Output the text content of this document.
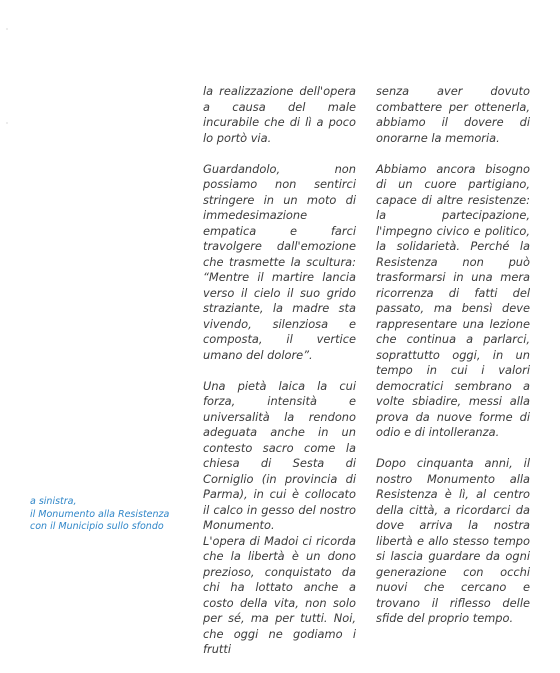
a sinistra,
il Monumento alla Resistenza
con il Municipio sullo sfondo

la realizzazione dell'opera a causa del male incurabile che di lì a poco lo portò via.

Guardandolo, non possiamo non sentirci stringere in un moto di immedesimazione empatica e farci travolgere dall'emozione che trasmette la scultura: “Mentre il martire lancia verso il cielo il suo grido straziante, la madre sta vivendo, silenziosa e composta, il vertice umano del dolore”.

Una pietà laica la cui forza, intensità e universalità la rendono adeguata anche in un contesto sacro come la chiesa di Sesta di Corniglio (in provincia di Parma), in cui è collocato il calco in gesso del nostro Monumento.

L'opera di Madoi ci ricorda che la libertà è un dono prezioso, conquistato da chi ha lottato anche a costo della vita, non solo per sé, ma per tutti. Noi, che oggi ne godiamo i frutti

senza aver dovuto combattere per ottenerla, abbiamo il dovere di onorarne la memoria.

Abbiamo ancora bisogno di un cuore partigiano, capace di altre resistenze: la partecipazione, l'impegno civico e politico, la solidarietà. Perché la Resistenza non può trasformarsi in una mera ricorrenza di fatti del passato, ma bensì deve rappresentare una lezione che continua a parlarci, soprattutto oggi, in un tempo in cui i valori democratici sembrano a volte sbiadire, messi alla prova da nuove forme di odio e di intolleranza.

Dopo cinquanta anni, il nostro Monumento alla Resistenza è lì, al centro della città, a ricordarci da dove arriva la nostra libertà e allo stesso tempo si lascia guardare da ogni generazione con occhi nuovi che cercano e trovano il riflesso delle sfide del proprio tempo.
